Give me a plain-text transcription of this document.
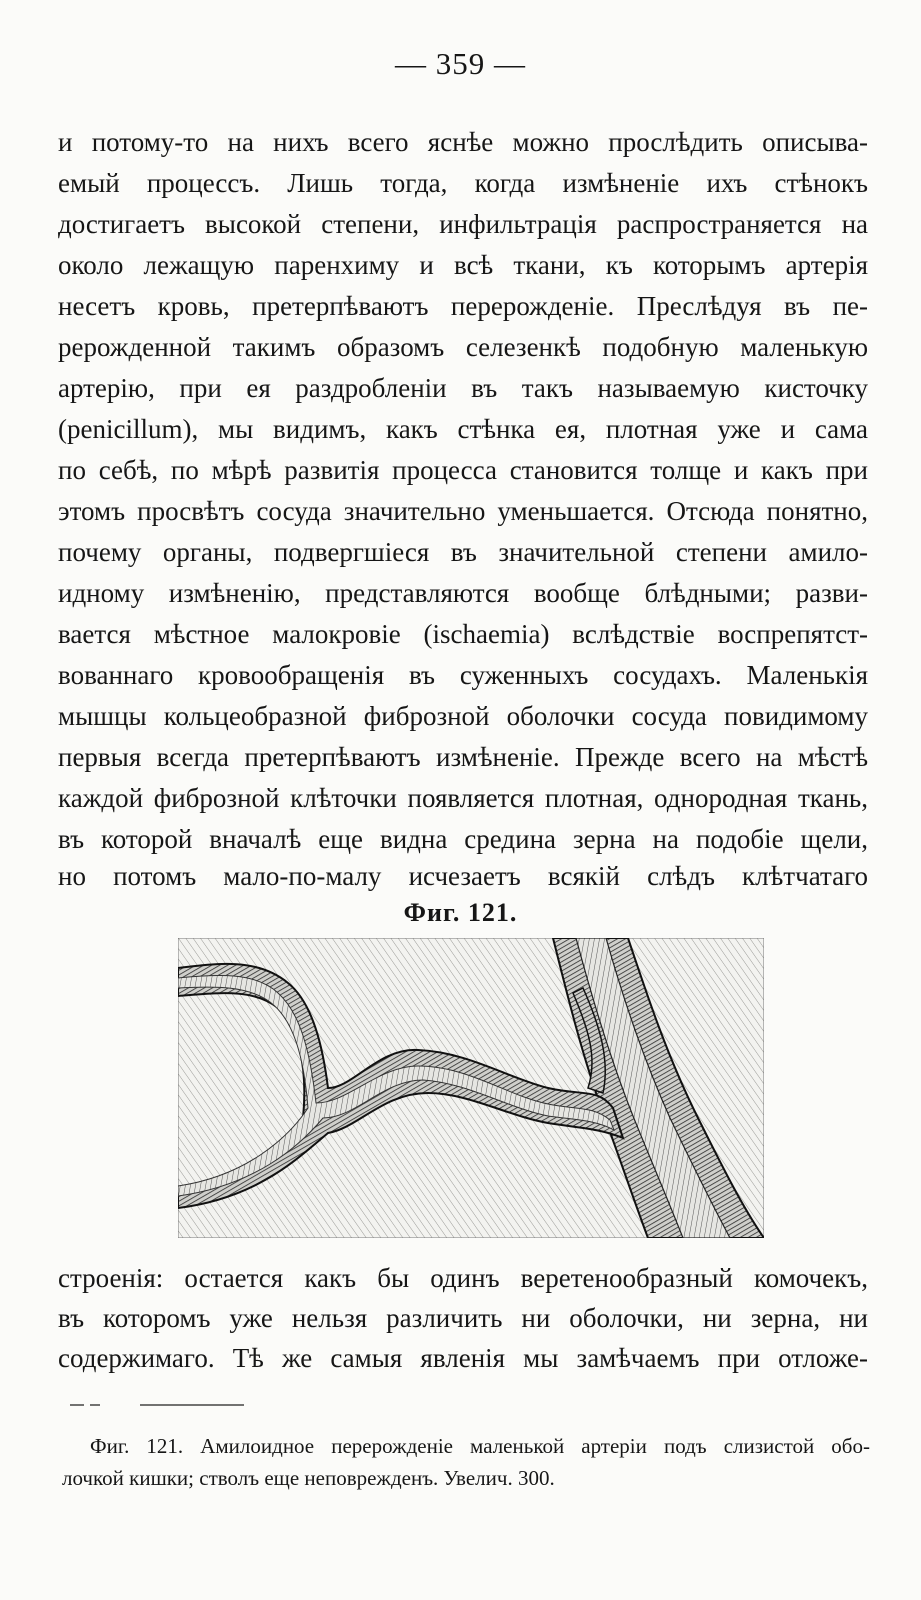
— 359 —
и потому-то на нихъ всего яснѣе можно прослѣдить описыва-
емый процессъ. Лишь тогда, когда измѣненіе ихъ стѣнокъ
достигаетъ высокой степени, инфильтрація распространяется на
около лежащую паренхиму и всѣ ткани, къ которымъ артерія
несетъ кровь, претерпѣваютъ перерожденіе. Преслѣдуя въ пе-
рерожденной такимъ образомъ селезенкѣ подобную маленькую
артерію, при ея раздробленіи въ такъ называемую кисточку
(penicillum), мы видимъ, какъ стѣнка ея, плотная уже и сама
по себѣ, по мѣрѣ развитія процесса становится толще и какъ при
этомъ просвѣтъ сосуда значительно уменьшается. Отсюда понятно,
почему органы, подвергшіеся въ значительной степени амило-
идному измѣненію, представляются вообще блѣдными; разви-
вается мѣстное малокровіе (ischaemia) вслѣдствіе воспрепятст-
вованнаго кровообращенія въ суженныхъ сосудахъ. Маленькія
мышцы кольцеобразной фиброзной оболочки сосуда повидимому
первыя всегда претерпѣваютъ измѣненіе. Прежде всего на мѣстѣ
каждой фиброзной клѣточки появляется плотная, однородная ткань,
въ которой вначалѣ еще видна средина зерна на подобіе щели,
но потомъ мало-по-малу исчезаетъ всякій слѣдъ клѣтчатаго
Фиг. 121.
строенія: остается какъ бы одинъ веретенообразный комочекъ,
въ которомъ уже нельзя различить ни оболочки, ни зерна, ни
содержимаго. Тѣ же самыя явленія мы замѣчаемъ при отложе-
Фиг. 121. Амилоидное перерожденіе маленькой артеріи подъ слизистой обо-
лочкой кишки; стволъ еще неповрежденъ. Увелич. 300.
